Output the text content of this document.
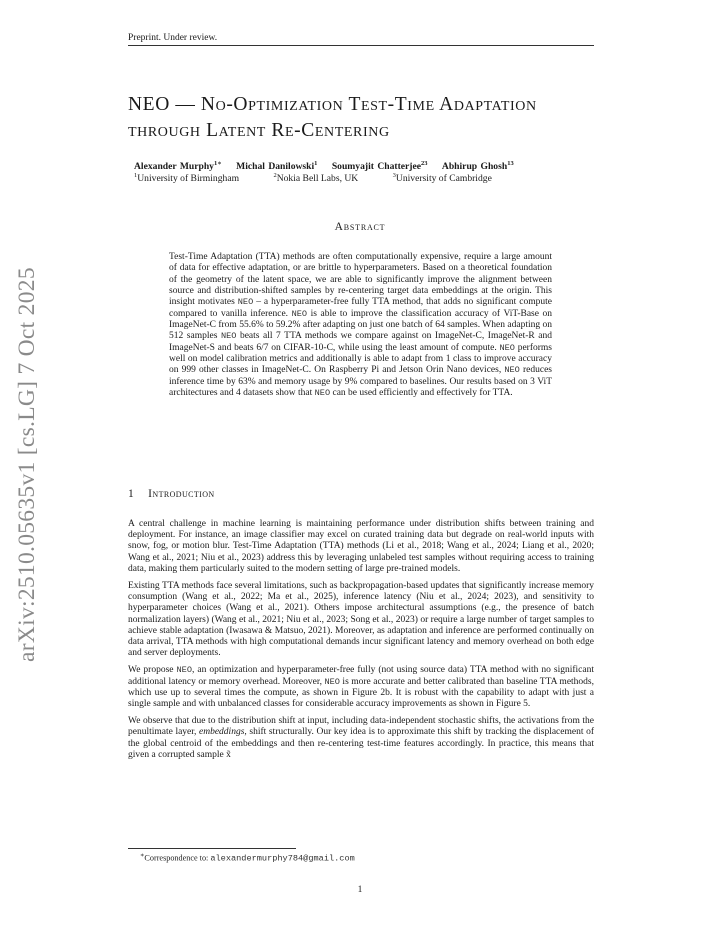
Preprint. Under review.
arXiv:2510.05635v1 [cs.LG] 7 Oct 2025
NEO — No-Optimization Test-Time Adaptation
through Latent Re-Centering
Alexander Murphy$^{1∗}$ Michal Danilowski$^1$ Soumyajit Chatterjee$^{23}$ Abhirup Ghosh$^{13}$
$^1$University of Birmingham	$^2$Nokia Bell Labs, UK	$^3$University of Cambridge
Abstract
Test-Time Adaptation (TTA) methods are often computationally expensive, require a large amount of data for effective adaptation, or are brittle to hyperparameters. Based on a theoretical foundation of the geometry of the latent space, we are able to significantly improve the alignment between source and distribution-shifted samples by re-centering target data embeddings at the origin. This insight motivates NEO – a hyperparameter-free fully TTA method, that adds no significant compute compared to vanilla inference. NEO is able to improve the classification accuracy of ViT-Base on ImageNet-C from 55.6% to 59.2% after adapting on just one batch of 64 samples. When adapting on 512 samples NEO beats all 7 TTA methods we compare against on ImageNet-C, ImageNet-R and ImageNet-S and beats 6/7 on CIFAR-10-C, while using the least amount of compute. NEO performs well on model calibration metrics and additionally is able to adapt from 1 class to improve accuracy on 999 other classes in ImageNet-C. On Raspberry Pi and Jetson Orin Nano devices, NEO reduces inference time by 63% and memory usage by 9% compared to baselines. Our results based on 3 ViT architectures and 4 datasets show that NEO can be used efficiently and effectively for TTA.
1 Introduction

A central challenge in machine learning is maintaining performance under distribution shifts between training and deployment. For instance, an image classifier may excel on curated training data but degrade on real-world inputs with snow, fog, or motion blur. Test-Time Adaptation (TTA) methods (Li et al., 2018; Wang et al., 2024; Liang et al., 2020; Wang et al., 2021; Niu et al., 2023) address this by leveraging unlabeled test samples without requiring access to training data, making them particularly suited to the modern setting of large pre-trained models.

Existing TTA methods face several limitations, such as backpropagation-based updates that significantly increase memory consumption (Wang et al., 2022; Ma et al., 2025), inference latency (Niu et al., 2024; 2023), and sensitivity to hyperparameter choices (Wang et al., 2021). Others impose architectural assumptions (e.g., the presence of batch normalization layers) (Wang et al., 2021; Niu et al., 2023; Song et al., 2023) or require a large number of target samples to achieve stable adaptation (Iwasawa & Matsuo, 2021). Moreover, as adaptation and inference are performed continually on data arrival, TTA methods with high computational demands incur significant latency and memory overhead on both edge and server deployments.

We propose NEO, an optimization and hyperparameter-free fully (not using source data) TTA method with no significant additional latency or memory overhead. Moreover, NEO is more accurate and better calibrated than baseline TTA methods, which use up to several times the compute, as shown in Figure 2b. It is robust with the capability to adapt with just a single sample and with unbalanced classes for considerable accuracy improvements as shown in Figure 5.

We observe that due to the distribution shift at input, including data-independent stochastic shifts, the activations from the penultimate layer, embeddings, shift structurally. Our key idea is to approximate this shift by tracking the displacement of the global centroid of the embeddings and then re-centering test-time features accordingly. In practice, this means that given a corrupted sample x̃

∗Correspondence to: alexandermurphy784@gmail.com
1
